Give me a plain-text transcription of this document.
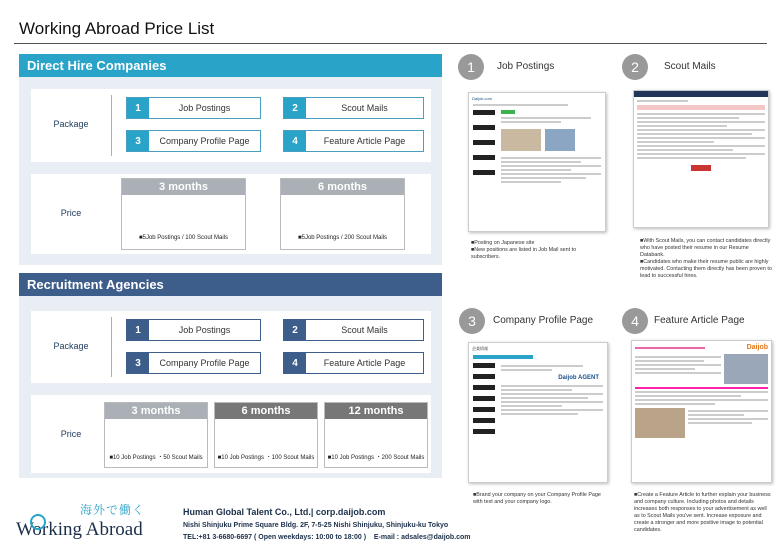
Working Abroad Price List
Direct Hire Companies
Package
1	Job Postings	2	Scout Mails
3	Company Profile Page	4	Feature Article Page
Price
3 months
■5Job Postings / 100 Scout Mails
6 months
■5Job Postings / 200 Scout Mails
Recruitment Agencies
Package
1	Job Postings	2	Scout Mails
3	Company Profile Page	4	Feature Article Page
Price
3 months
■10 Job Postings ・50 Scout Mails
6 months
■10 Job Postings ・100 Scout Mails
12 months
■10 Job Postings ・200 Scout Mails
1	Job Postings
Daijob.com
■Posting on Japanese site
■New positions are listed in Job Mail sent to subscribers.
2	Scout Mails
■With Scout Mails, you can contact candidates directly who have posted their resume in our Resume Databank.
■Candidates who make their resume public are highly motivated. Contacting them directly has been proven to lead to successful hires.
3	Company Profile Page
企業情報
Daijob AGENT
■Brand your company on your Company Profile Page with text and your company logo.
4	Feature Article Page
Daijob
■Create a Feature Article to further explain your business and company culture. Including photos and details increases both responses to your advertisement as well as to Scout Mails you've sent. Increase exposure and create a stronger and more positive image to potential candidates.
海外で働く
Working Abroad
Human Global Talent Co., Ltd.| corp.daijob.com
Nishi Shinjuku Prime Square Bldg. 2F, 7-5-25 Nishi Shinjuku, Shinjuku-ku Tokyo
TEL:+81 3-6680-6697 ( Open weekdays: 10:00 to 18:00 )    E-mail : adsales@daijob.com
